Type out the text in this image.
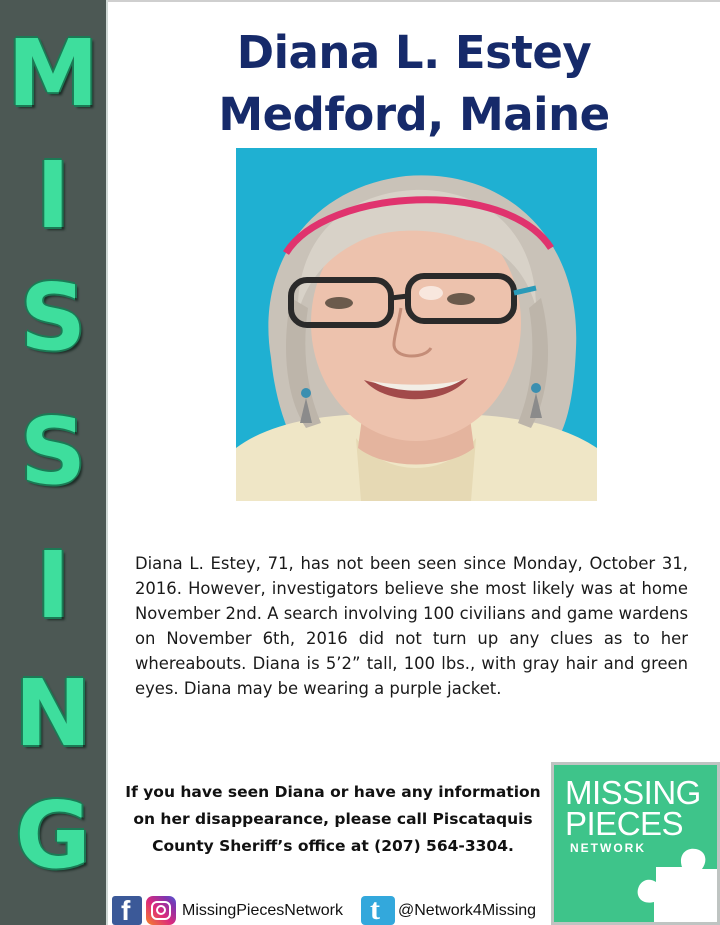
M
I
S
S
I
N
G
Diana L. Estey
Medford, Maine
Diana L. Estey, 71, has not been seen since Monday, October 31, 2016. However, investigators believe she most likely was at home November 2nd. A search involving 100 civilians and game wardens on November 6th, 2016 did not turn up any clues as to her whereabouts. Diana is 5’2” tall, 100 lbs., with gray hair and green eyes. Diana may be wearing a purple jacket.
If you have seen Diana or have any information
on her disappearance, please call Piscataquis
County Sheriff’s office at (207) 564-3304.
MISSING
PIECES
NETWORK
f	MissingPiecesNetwork t @Network4Missing
